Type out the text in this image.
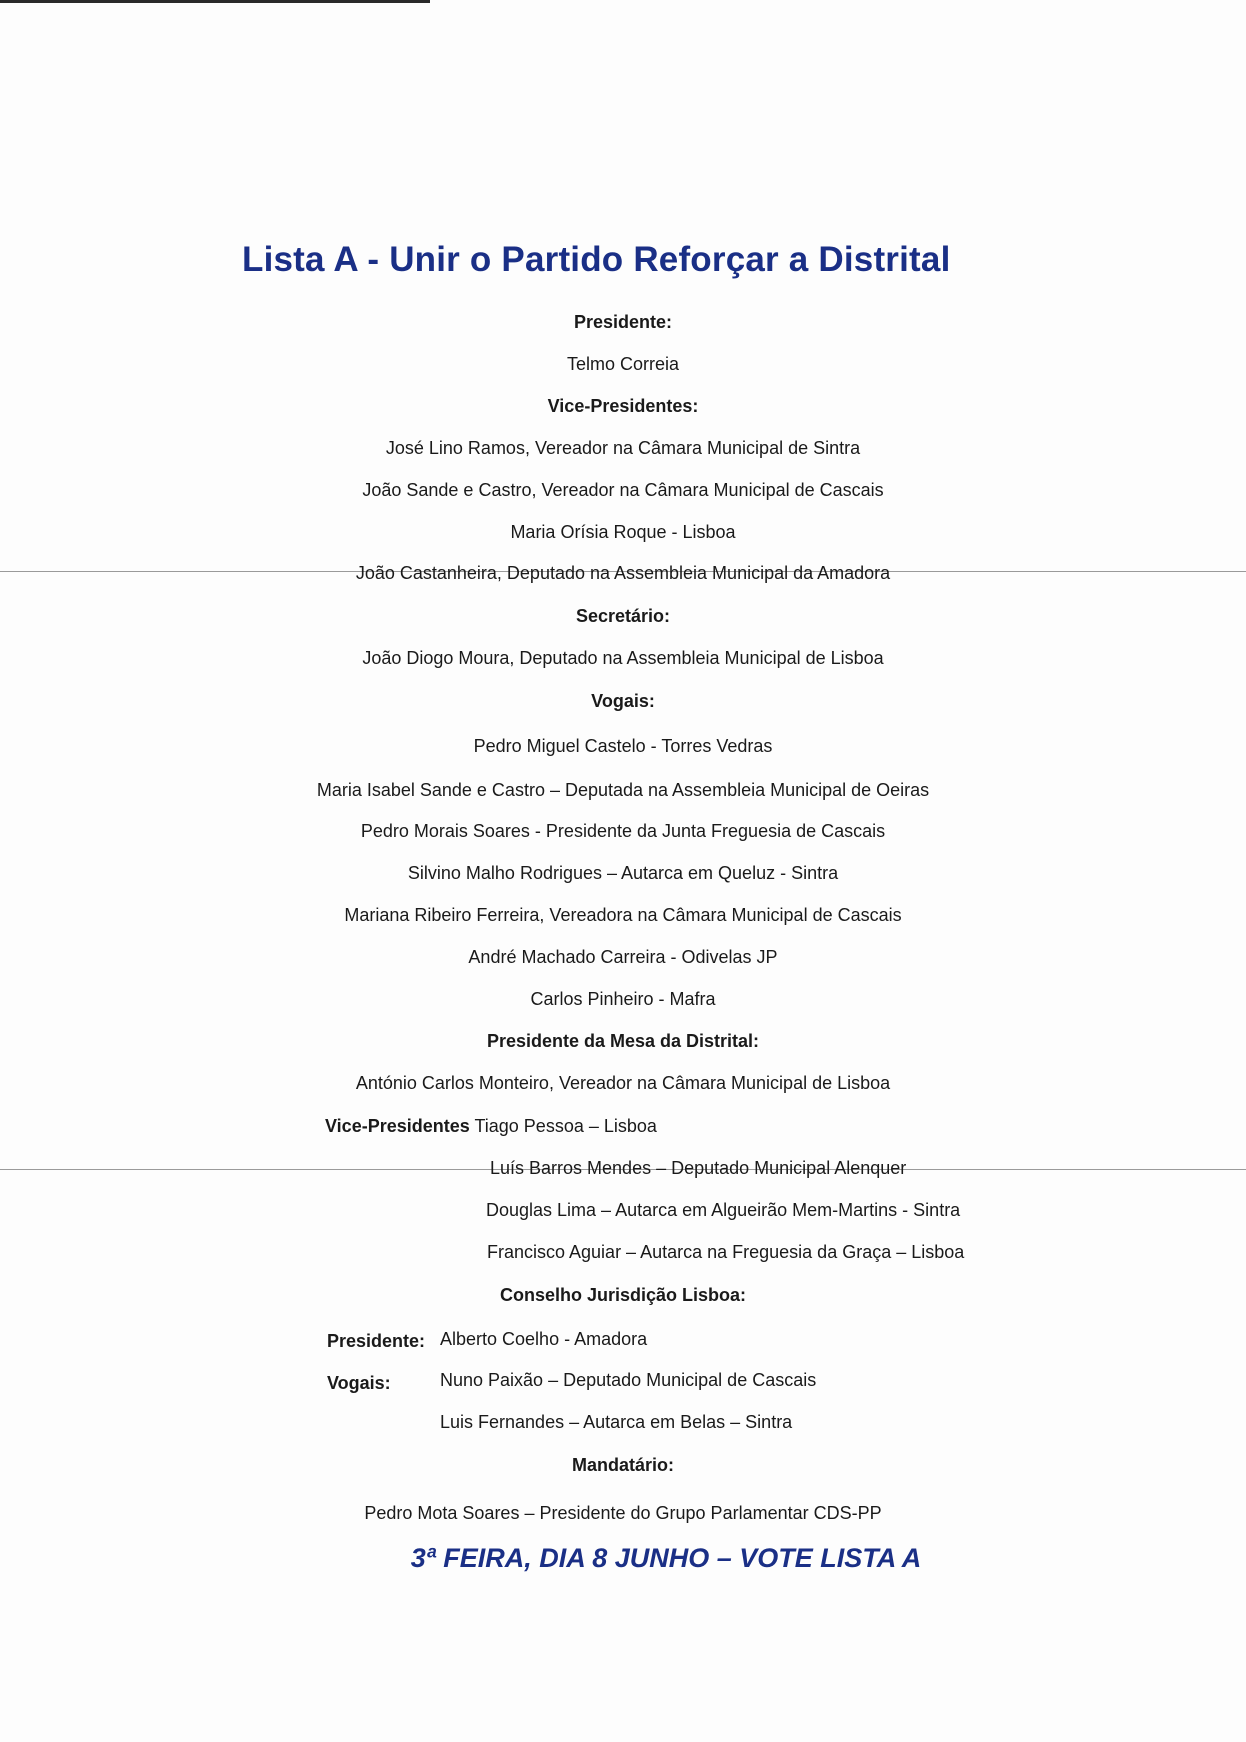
Lista A - Unir o Partido Reforçar a Distrital
Presidente:
Telmo Correia
Vice-Presidentes:
José Lino Ramos, Vereador na Câmara Municipal de Sintra
João Sande e Castro, Vereador na Câmara Municipal de Cascais
Maria Orísia Roque - Lisboa
João Castanheira, Deputado na Assembleia Municipal da Amadora
Secretário:
João Diogo Moura, Deputado na Assembleia Municipal de Lisboa
Vogais:
Pedro Miguel Castelo - Torres Vedras
Maria Isabel Sande e Castro – Deputada na Assembleia Municipal de Oeiras
Pedro Morais Soares - Presidente da Junta Freguesia de Cascais
Silvino Malho Rodrigues – Autarca em Queluz - Sintra
Mariana Ribeiro Ferreira, Vereadora na Câmara Municipal de Cascais
André Machado Carreira - Odivelas JP
Carlos Pinheiro - Mafra
Presidente da Mesa da Distrital:
António Carlos Monteiro, Vereador na Câmara Municipal de Lisboa
Vice-Presidentes Tiago Pessoa – Lisboa
Luís Barros Mendes – Deputado Municipal Alenquer
Douglas Lima – Autarca em Algueirão Mem-Martins - Sintra
Francisco Aguiar – Autarca na Freguesia da Graça – Lisboa
Conselho Jurisdição Lisboa:
Presidente: Alberto Coelho - Amadora
Vogais:	Nuno Paixão – Deputado Municipal de Cascais
Luis Fernandes – Autarca em Belas – Sintra
Mandatário:
Pedro Mota Soares – Presidente do Grupo Parlamentar CDS-PP
3ª FEIRA, DIA 8 JUNHO – VOTE LISTA A
